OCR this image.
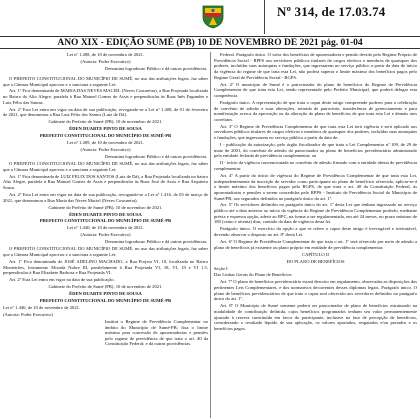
Nº 314, de 17.03.74
ANO XIX - EDIÇÃO SUMÉ (PB) 10 DE NOVEMBRO DE 2021 pág. 01-04

Lei nº 1.408, de 10 de novembro de 2021.

(Autoria: Poder Executivo)

Denomina logradouro Público e dá outras providências.

O PREFEITO CONSTITUCIONAL DO MUNICÍPIO DE SUMÉ, no uso das atribuições legais, faz saber que a Câmara Municipal aprovou e o sanciona a seguinte Lei:

Art. 1º Fica denominada de MARIA DAS NEVES MACIEL (Neves Costureira), a Rua Projetada localizada no Bairro do Alto Alegre, paralela à Rua Manoel Gomes de Assis e perpendicular às Ruas Inês Fagundes e Luiz Félix das Santas.

Art. 2º Esta Lei entra em vigor na data de sua publicação, revogando-se a Lei nº 1.408, de 01 de fevereiro de 2021, que denominou a Rua Luiz Félix dos Santos (Luiz de Dá).

Gabinete do Prefeito de Sumé (PB), 10 de novembro de 2021.

ÉDEN DUARTE PINTO DE SOUSA

PREFEITO CONSTITUCIONAL DO MUNICÍPIO DE SUMÉ-PB

Lei nº 1.409, de 10 de novembro de 2021.

(Autoria: Poder Executivo)

Denomina logradouro Público e dá outras providências.

O PREFEITO CONSTITUCIONAL DO MUNICÍPIO DE SUMÉ, no uso das atribuições legais, faz saber que a Câmara Municipal aprovou e o sanciona a seguinte Lei:

Art. 1º Fica denominada de LUIZ FELIX DOS SANTOS (Luiz de Dá), a Rua Projetada localizada no bairro Alto Alegre, paralela à Rua Manoel Gomes de Assis e perpendicular às Ruas José de Assis e Rua Arquiteto Sousa.

Art. 2º Esta Lei entra em vigor na data de sua publicação, revogando-se a Lei nº 1.416, de 03 de março de 2021, que denominou a Rua Maria das Neves Maciel (Neves Costureira).

Gabinete do Prefeito de Sumé (PB), 10 de novembro de 2021.

ÉDEN DUARTE PINTO DE SOUSA

PREFEITO CONSTITUCIONAL DO MUNICÍPIO DE SUMÉ-PB

Lei nº 1.440, de 10 de novembro de 2021.

(Autoria: Poder Executivo)

Denomina logradouro Público e dá outras providências.

O PREFEITO CONSTITUCIONAL DO MUNICÍPIO DE SUMÉ, no uso das atribuições legais, faz saber que a Câmara Municipal aprovou e o sanciona a seguinte Lei:

Art. 1º Fica denominada de JOSÉ ADELINO MACHADO, a Rua Projeta VI, 10, localizada no Bairro Monteirões, loteamento Morada Nobre III, paralelamente à Rua Projetada VI, 18, VI, 19 e VI 1.5, perpendicular à Rua Elizabete Barbosa e Rua Projetada VI.

Art. 2º Esta Lei entra em vigor na data de sua publicação.

Gabinete do Prefeito de Sumé (PB), 10 de novembro de 2021.

ÉDEN DUARTE PINTO DE SOUSA

PREFEITO CONSTITUCIONAL DO MUNICÍPIO DE SUMÉ-PB

Lei nº 1.446, de 10 de novembro de 2021.

(Autoria: Poder Executivo)

Institui o Regime de Previdência Complementar no âmbito do Município de Sumé-PB; fixa o limite máximo para concessão de aposentadorias e pensões pelo regime de previdência de que trata o art. 40 da Constituição Federal; e dá outras providências.

Federal. Parágrafo único. O valor dos benefícios de aposentadoria e pensão devido pelo Regime Próprio de Previdência Social - RPPS aos servidores públicos titulares de cargos efetivos e membros de quaisquer dos poderes, incluídas suas autarquias e fundações, que ingressarem no serviço público a partir da data de início da vigência do regime de que trata esta Lei, não poderá superar o limite máximo dos benefícios pagos pelo Regime Geral de Previdência Social - RGPS.

Art. 2º O município de Sumé é o patrocinador do plano de benefícios do Regime de Previdência Complementar de que trata esta Lei, sendo representado pelo Prefeito Municipal, que poderá delegar esta competência.

Parágrafo único. A representação de que trata o caput deste artigo compreende poderes para a celebração de convênio de adesão e suas alterações, retirada de patrocínio, transferência de gerenciamento e para manifestação acerca da aprovação ou da alteração do plano de benefícios de que trata esta Lei e demais atos correlatos.

Art. 3º O Regime de Previdência Complementar de que trata esta Lei terá vigência e será aplicado aos servidores públicos titulares de cargos efetivos e membros de quaisquer dos poderes, incluídas suas autarquias e fundações, que ingressarem no serviço público a partir da data de:

I - publicação da autorização, pelo órgão fiscalizador de que trata a Lei Complementar nº 109, de 29 de maio de 2001, do convênio de adesão do patrocinador ao plano de benefícios previdenciário administrado pela entidade fechada de previdência complementar; ou

II - início da vigência convencionada no convênio de adesão firmado com a entidade aberta de previdência complementar.

Art. 4º A partir do início de vigência do Regime de Previdência Complementar de que trata esta Lei, independentemente da inscrição do servidor como participante no plano de benefícios oferecido, aplicar-se-á o limite máximo dos benefícios pagos pelo RGPS, de que trata o art. 40 da Constituição Federal, às aposentadorias e pensões a serem concedidas pelo RPPS - Instituto de Previdência Social do Município de Sumé/PB, aos segurados definidos no parágrafo único do art. 1º.

Art. 5º Os servidores definidos no parágrafo único do art. 1º desta Lei que tenham ingressado no serviço público até a data anterior ao início da vigência do Regime de Previdência Complementar poderão, mediante prévia e expressa opção, aderir ao RPC, na forma a ser regulamentada, em até 24 meses, no prazo máximo de 180 (cento e oitenta) dias, contado da data de vigência desta lei.

Parágrafo único. O exercício da opção a que se refere o caput deste artigo é irrevogável e irretratável, devendo observar o disposto no art. 8º desta Lei.

Art. 6º O Regime de Previdência Complementar de que trata o art. 1º será oferecido por meio de adesão a plano de benefícios já existente ou plano próprio em entidade de previdência complementar.

CAPÍTULO II

DO PLANO DE BENEFÍCIOS

Seção I

Das Linhas Gerais do Plano de Benefícios

Art. 7º O plano de benefícios previdenciário estará descrito em regulamento, observadas as disposições das pertinentes Leis Complementares, e dos normativos decorrentes desses diplomas legais. Parágrafo único. O plano de benefícios previdenciários de que trata o caput será oferecido aos servidores definidos no parágrafo único do art. 1º.

Art. 8º O Município de Sumé somente poderá ser patrocinador de plano de benefícios estruturado na modalidade de contribuição definida, cujos benefícios programados tenham seu valor permanentemente ajustado à reserva constituída em favor do participante, inclusive na fase de percepção de benefícios, considerando o resultado líquido de sua aplicação, os valores aportados, resgatados e/ou portados e os benefícios pagos.
